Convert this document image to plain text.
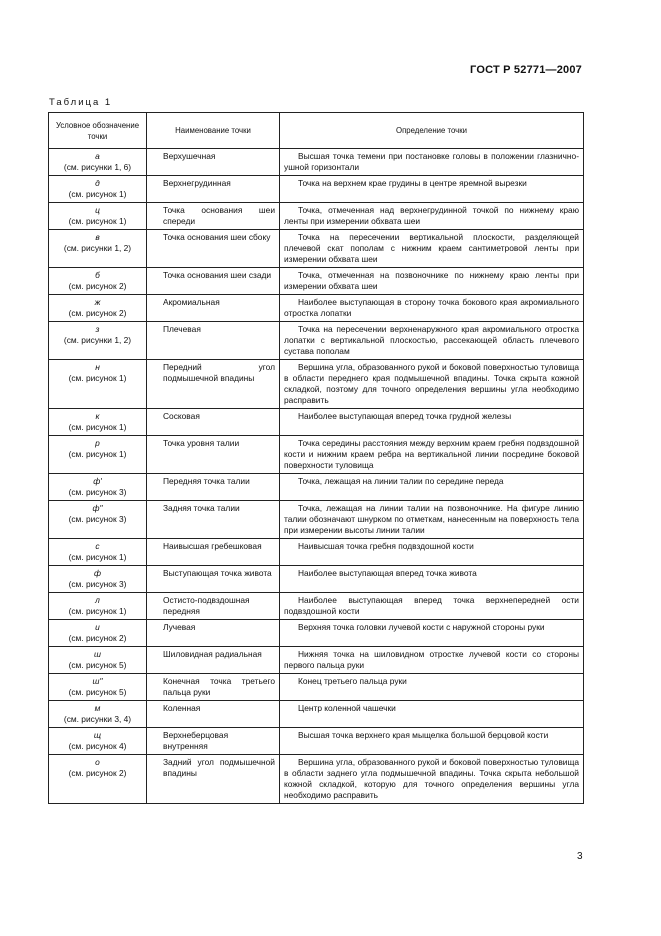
ГОСТ Р 52771—2007
Таблица 1
Условное обозначение точки	Наименование точки	Определение точки

а
(см. рисунки 1, 6)	Верхушечная	Высшая точка темени при постановке головы в положении глазнично-ушной горизонтали

д
(см. рисунок 1)	Верхнегрудинная	Точка на верхнем крае грудины в центре яремной вырезки

ц
(см. рисунок 1)	Точка основания шеи спереди	Точка, отмеченная над верхнегрудинной точкой по нижнему краю ленты при измерении обхвата шеи

в
(см. рисунки 1, 2)	Точка основания шеи сбоку	Точка на пересечении вертикальной плоскости, разделяющей плечевой скат пополам с нижним краем сантиметровой ленты при измерении обхвата шеи

б
(см. рисунок 2)	Точка основания шеи сзади	Точка, отмеченная на позвоночнике по нижнему краю ленты при измерении обхвата шеи

ж
(см. рисунок 2)	Акромиальная	Наиболее выступающая в сторону точка бокового края акромиального отростка лопатки

з
(см. рисунки 1, 2)	Плечевая	Точка на пересечении верхненаружного края акромиального отростка лопатки с вертикальной плоскостью, рассекающей область плечевого сустава пополам

н
(см. рисунок 1)	Передний угол подмышечной впадины	Вершина угла, образованного рукой и боковой поверхностью туловища в области переднего края подмышечной впадины. Точка скрыта кожной складкой, поэтому для точного определения вершины угла необходимо расправить

к
(см. рисунок 1)	Сосковая	Наиболее выступающая вперед точка грудной железы

р
(см. рисунок 1)	Точка уровня талии	Точка середины расстояния между верхним краем гребня подвздошной кости и нижним краем ребра на вертикальной линии посредине боковой поверхности туловища

ф'
(см. рисунок 3)	Передняя точка талии	Точка, лежащая на линии талии по середине переда

ф"
(см. рисунок 3)	Задняя точка талии	Точка, лежащая на линии талии на позвоночнике. На фигуре линию талии обозначают шнурком по отметкам, нанесенным на поверхность тела при измерении высоты линии талии

с
(см. рисунок 1)	Наивысшая гребешковая	Наивысшая точка гребня подвздошной кости

ф
(см. рисунок 3)	Выступающая точка живота	Наиболее выступающая вперед точка живота

л
(см. рисунок 1)	Остисто-подвздошная передняя	Наиболее выступающая вперед точка верхнепередней ости подвздошной кости

и
(см. рисунок 2)	Лучевая	Верхняя точка головки лучевой кости с наружной стороны руки

ш
(см. рисунок 5)	Шиловидная радиальная	Нижняя точка на шиловидном отростке лучевой кости со стороны первого пальца руки

ш"
(см. рисунок 5)	Конечная точка третьего пальца руки	Конец третьего пальца руки

м
(см. рисунки 3, 4)	Коленная	Центр коленной чашечки

щ
(см. рисунок 4)	Верхнеберцовая внутренняя	Высшая точка верхнего края мыщелка большой берцовой кости

о
(см. рисунок 2)	Задний угол подмышечной впадины	Вершина угла, образованного рукой и боковой поверхностью туловища в области заднего угла подмышечной впадины. Точка скрыта небольшой кожной складкой, которую для точного определения вершины угла необходимо расправить
3
